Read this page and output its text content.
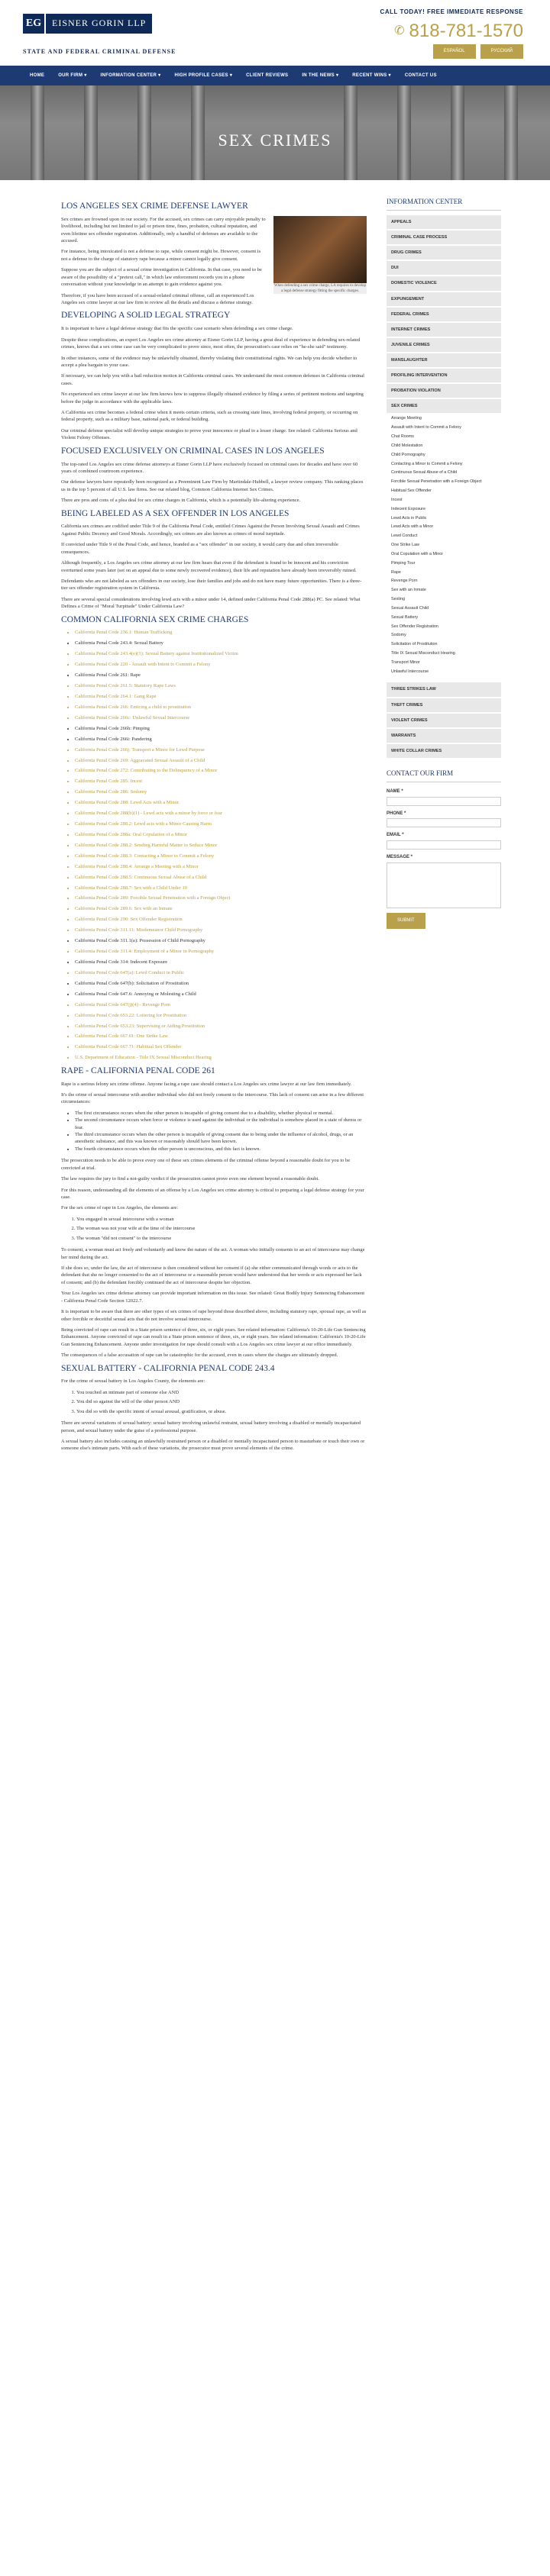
EG	EISNER GORIN LLP
STATE AND FEDERAL CRIMINAL DEFENSE
CALL TODAY! FREE IMMEDIATE RESPONSE
✆ 818-781-1570
ESPAÑOL	РУССКИЙ
HOME	OUR FIRM ▾	INFORMATION CENTER ▾	HIGH PROFILE CASES ▾	CLIENT REVIEWS	IN THE NEWS ▾	RECENT WINS ▾	CONTACT US
SEX CRIMES
LOS ANGELES SEX CRIME DEFENSE LAWYER
When defending a sex crime charge, LA requires to develop a legal defense strategy fitting the specific charges.

Sex crimes are frowned upon in our society. For the accused, sex crimes can carry enjoyable penalty to livelihood, including but not limited to jail or prison time, fines, probation, cultural reputation, and even lifetime sex offender registration. Additionally, only a handful of defenses are available to the accused.

For instance, being intoxicated is not a defense to rape, while consent might be. However, consent is not a defense to the charge of statutory rape because a minor cannot legally give consent.

Suppose you are the subject of a sexual crime investigation in California. In that case, you need to be aware of the possibility of a "pretext call," in which law enforcement records you in a phone conversation without your knowledge in an attempt to gain evidence against you.

Therefore, if you have been accused of a sexual-related criminal offense, call an experienced Los Angeles sex crime lawyer at our law firm to review all the details and discuss a defense strategy.

DEVELOPING A SOLID LEGAL STRATEGY

It is important to have a legal defense strategy that fits the specific case scenario when defending a sex crime charge.

Despite these complications, an expert Los Angeles sex crime attorney at Eisner Gorin LLP, having a great deal of experience in defending sex-related crimes, knows that a sex crime case can be very complicated to prove since, most often, the prosecution's case relies on "he-she said" testimony.

In other instances, some of the evidence may be unlawfully obtained, thereby violating their constitutional rights. We can help you decide whether to accept a plea bargain to your case.

If necessary, we can help you with a bail reduction motion in California criminal cases. We understand the most common defenses in California criminal cases.

No experienced sex crime lawyer at our law firm knows how to suppress illegally obtained evidence by filing a series of pertinent motions and targeting before the judge in accordance with the applicable laws.

A California sex crime becomes a federal crime when it meets certain criteria, such as crossing state lines, involving federal property, or occurring on federal property, such as a military base, national park, or federal building.

Our criminal defense specialist will develop unique strategies to prove your innocence or plead to a lesser charge. See related: California Serious and Violent Felony Offenses.

FOCUSED EXCLUSIVELY ON CRIMINAL CASES IN LOS ANGELES

The top-rated Los Angeles sex crime defense attorneys at Eisner Gorin LLP have exclusively focused on criminal cases for decades and have over 60 years of combined courtroom experience.

Our defense lawyers have repeatedly been recognized as a Preeminent Law Firm by Martindale-Hubbell, a lawyer review company. This ranking places us in the top 5 percent of all U.S. law firms. See our related blog, Common California Internet Sex Crimes.

There are pros and cons of a plea deal for sex crime charges in California, which is a potentially life-altering experience.

BEING LABELED AS A SEX OFFENDER IN LOS ANGELES

California sex crimes are codified under Title 9 of the California Penal Code, entitled Crimes Against the Person Involving Sexual Assault and Crimes Against Public Decency and Good Morals. Accordingly, sex crimes are also known as crimes of moral turpitude.

If convicted under Title 9 of the Penal Code, and hence, branded as a "sex offender" in our society, it would carry due and often irreversible consequences.

Although frequently, a Los Angeles sex crime attorney at our law firm hears that even if the defendant is found to be innocent and his conviction overturned some years later (set on an appeal due to some newly recovered evidence), their life and reputation have already been irreversibly ruined.

Defendants who are not labeled as sex offenders in our society, lose their families and jobs and do not have many future opportunities. There is a three-tier sex offender registration system in California.

There are several special considerations involving lewd acts with a minor under 14, defined under California Penal Code 288(a) PC. See related: What Defines a Crime of "Moral Turpitude" Under California Law?

COMMON CALIFORNIA SEX CRIME CHARGES
• California Penal Code 236.1: Human Trafficking
• California Penal Code 243.4: Sexual Battery
• California Penal Code 243.4(e)(1): Sexual Battery against Institutionalized Victim
• California Penal Code 220 - Assault with Intent to Commit a Felony
• California Penal Code 261: Rape
• California Penal Code 261.5: Statutory Rape Laws
• California Penal Code 264.1: Gang Rape
• California Penal Code 266: Enticing a child to prostitution
• California Penal Code 266c: Unlawful Sexual Intercourse
• California Penal Code 266h: Pimping
• California Penal Code 266i: Pandering
• California Penal Code 266j: Transport a Minor for Lewd Purpose
• California Penal Code 269: Aggravated Sexual Assault of a Child
• California Penal Code 272: Contributing to the Delinquency of a Minor
• California Penal Code 285: Incest
• California Penal Code 286: Sodomy
• California Penal Code 288: Lewd Acts with a Minor
• California Penal Code 288(b)(1) - Lewd acts with a minor by force or fear
• California Penal Code 288.2: Lewd acts with a Minor Causing Harm
• California Penal Code 288a: Oral Copulation of a Minor
• California Penal Code 288.2: Sending Harmful Matter to Seduce Minor
• California Penal Code 288.3: Contacting a Minor to Commit a Felony
• California Penal Code 288.4: Arrange a Meeting with a Minor
• California Penal Code 288.5: Continuous Sexual Abuse of a Child
• California Penal Code 288.7: Sex with a Child Under 10
• California Penal Code 289: Forcible Sexual Penetration with a Foreign Object
• California Penal Code 289.6: Sex with an Inmate
• California Penal Code 290: Sex Offender Registration
• California Penal Code 311.11: Misdemeanor Child Pornography
• California Penal Code 311.1(a): Possession of Child Pornography
• California Penal Code 311.4: Employment of a Minor in Pornography
• California Penal Code 314: Indecent Exposure
• California Penal Code 647(a): Lewd Conduct in Public
• California Penal Code 647(b): Solicitation of Prostitution
• California Penal Code 647.6: Annoying or Molesting a Child
• California Penal Code 647(j)(4) - Revenge Porn
• California Penal Code 653.22: Loitering for Prostitution
• California Penal Code 653.23: Supervising or Aiding Prostitution
• California Penal Code 667.61: One Strike Law
• California Penal Code 667.71: Habitual Sex Offender
• U.S. Department of Education - Title IX Sexual Misconduct Hearing
RAPE - CALIFORNIA PENAL CODE 261

Rape is a serious felony sex crime offense. Anyone facing a rape case should contact a Los Angeles sex crime lawyer at our law firm immediately.

It's the crime of sexual intercourse with another individual who did not freely consent to the intercourse. This lack of consent can arise in a few different circumstances:

• The first circumstance occurs when the other person is incapable of giving consent due to a disability, whether physical or mental.
• The second circumstance occurs when force or violence is used against the individual or the individual is somehow placed in a state of duress or fear.
• The third circumstance occurs when the other person is incapable of giving consent due to being under the influence of alcohol, drugs, or an anesthetic substance, and this was known or reasonably should have been known.
• The fourth circumstance occurs when the other person is unconscious, and this fact is known.

The prosecution needs to be able to prove every one of these sex crimes elements of the criminal offense beyond a reasonable doubt for you to be convicted at trial.

The law requires the jury to find a not-guilty verdict if the prosecution cannot prove even one element beyond a reasonable doubt.

For this reason, understanding all the elements of an offense by a Los Angeles sex crime attorney is critical to preparing a legal defense strategy for your case.

For the sex crime of rape in Los Angeles, the elements are:

1. You engaged in sexual intercourse with a woman
2. The woman was not your wife at the time of the intercourse
3. The woman "did not consent" to the intercourse

To consent, a woman must act freely and voluntarily and know the nature of the act. A woman who initially consents to an act of intercourse may change her mind during the act.

If she does so, under the law, the act of intercourse is then considered without her consent if (a) she either communicated through words or acts to the defendant that she no longer consented to the act of intercourse or a reasonable person would have understood that her words or acts expressed her lack of consent; and (b) the defendant forcibly continued the act of intercourse despite her objection.

Your Los Angeles sex crime defense attorney can provide important information on this issue. See related: Great Bodily Injury Sentencing Enhancement - California Penal Code Section 12022.7.

It is important to be aware that there are other types of sex crimes of rape beyond those described above, including statutory rape, spousal rape, as well as other forcible or deceitful sexual acts that do not involve sexual intercourse.

Being convicted of rape can result in a State prison sentence of three, six, or eight years. See related information: California's 10-20-Life Gun Sentencing Enhancement. Anyone convicted of rape can result in a State prison sentence of three, six, or eight years. See related information: California's 10-20-Life Gun Sentencing Enhancement. Anyone under investigation for rape should consult with a Los Angeles sex crime lawyer at our office immediately.

The consequences of a false accusation of rape can be catastrophic for the accused, even in cases where the charges are ultimately dropped.

SEXUAL BATTERY - CALIFORNIA PENAL CODE 243.4

For the crime of sexual battery in Los Angeles County, the elements are:

1. You touched an intimate part of someone else AND
2. You did so against the will of the other person AND
3. You did so with the specific intent of sexual arousal, gratification, or abuse.

There are several variations of sexual battery: sexual battery involving unlawful restraint, sexual battery involving a disabled or mentally incapacitated person, and sexual battery under the guise of a professional purpose.

A sexual battery also includes causing an unlawfully restrained person or a disabled or mentally incapacitated person to masturbate or touch their own or someone else's intimate parts. With each of these variations, the prosecutor must prove several elements of the crime.

INFORMATION CENTER
APPEALS
CRIMINAL CASE PROCESS
DRUG CRIMES
DUI
DOMESTIC VIOLENCE
EXPUNGEMENT
FEDERAL CRIMES
INTERNET CRIMES
JUVENILE CRIMES
MANSLAUGHTER
PROFILING INTERVENTION
PROBATION VIOLATION
SEX CRIMES
Arrange Meeting
Assault with Intent to Commit a Felony
Chat Rooms
Child Molestation
Child Pornography
Contacting a Minor to Commit a Felony
Continuous Sexual Abuse of a Child
Forcible Sexual Penetration with a Foreign Object
Habitual Sex Offender
Incest
Indecent Exposure
Lewd Acts in Public
Lewd Acts with a Minor
Lewd Conduct
One Strike Law
Oral Copulation with a Minor
Pimping Tour
Rape
Revenge Porn
Sex with an Inmate
Sexting
Sexual Assault Child
Sexual Battery
Sex Offender Registration
Sodomy
Solicitation of Prostitution
Title IX Sexual Misconduct Hearing
Transport Minor
Unlawful Intercourse
THREE STRIKES LAW
THEFT CRIMES
VIOLENT CRIMES
WARRANTS
WHITE COLLAR CRIMES
CONTACT OUR FIRM
NAME *
PHONE *
EMAIL *
MESSAGE *
SUBMIT
